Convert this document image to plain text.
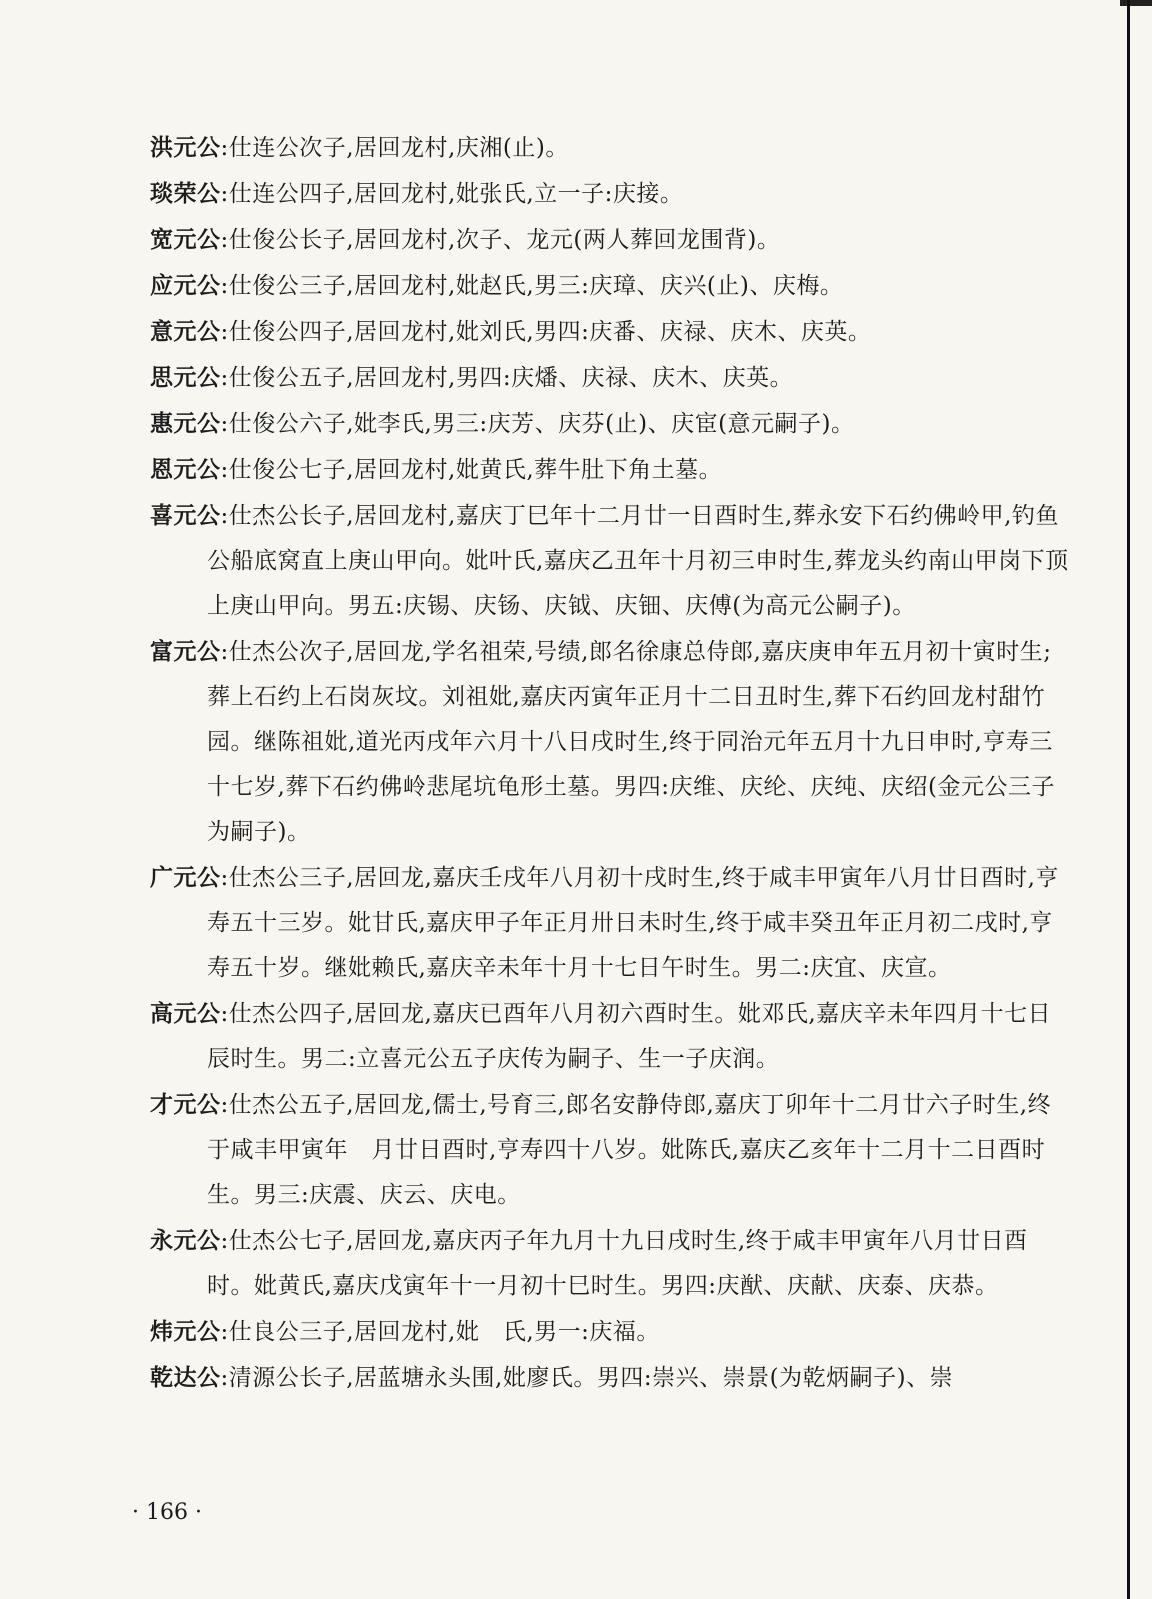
洪元公:仕连公次子,居回龙村,庆湘(止)。

琰荣公:仕连公四子,居回龙村,妣张氏,立一子:庆接。

宽元公:仕俊公长子,居回龙村,次子、龙元(两人葬回龙围背)。

应元公:仕俊公三子,居回龙村,妣赵氏,男三:庆璋、庆兴(止)、庆梅。

意元公:仕俊公四子,居回龙村,妣刘氏,男四:庆番、庆禄、庆木、庆英。

思元公:仕俊公五子,居回龙村,男四:庆燔、庆禄、庆木、庆英。

惠元公:仕俊公六子,妣李氏,男三:庆芳、庆芬(止)、庆宦(意元嗣子)。

恩元公:仕俊公七子,居回龙村,妣黄氏,葬牛肚下角土墓。

喜元公:仕杰公长子,居回龙村,嘉庆丁巳年十二月廿一日酉时生,葬永安下石约佛岭甲,钓鱼公船底窝直上庚山甲向。妣叶氏,嘉庆乙丑年十月初三申时生,葬龙头约南山甲岗下顶上庚山甲向。男五:庆锡、庆钖、庆钺、庆钿、庆傅(为高元公嗣子)。

富元公:仕杰公次子,居回龙,学名祖荣,号绩,郎名徐康总侍郎,嘉庆庚申年五月初十寅时生;葬上石约上石岗灰坟。刘祖妣,嘉庆丙寅年正月十二日丑时生,葬下石约回龙村甜竹园。继陈祖妣,道光丙戌年六月十八日戌时生,终于同治元年五月十九日申时,亨寿三十七岁,葬下石约佛岭悲尾坑龟形土墓。男四:庆维、庆纶、庆纯、庆绍(金元公三子为嗣子)。

广元公:仕杰公三子,居回龙,嘉庆壬戌年八月初十戌时生,终于咸丰甲寅年八月廿日酉时,亨寿五十三岁。妣甘氏,嘉庆甲子年正月卅日未时生,终于咸丰癸丑年正月初二戌时,亨寿五十岁。继妣赖氏,嘉庆辛未年十月十七日午时生。男二:庆宜、庆宣。

高元公:仕杰公四子,居回龙,嘉庆已酉年八月初六酉时生。妣邓氏,嘉庆辛未年四月十七日辰时生。男二:立喜元公五子庆传为嗣子、生一子庆润。

才元公:仕杰公五子,居回龙,儒士,号育三,郎名安静侍郎,嘉庆丁卯年十二月廿六子时生,终于咸丰甲寅年　月廿日酉时,亨寿四十八岁。妣陈氏,嘉庆乙亥年十二月十二日酉时生。男三:庆震、庆云、庆电。

永元公:仕杰公七子,居回龙,嘉庆丙子年九月十九日戌时生,终于咸丰甲寅年八月廿日酉时。妣黄氏,嘉庆戊寅年十一月初十巳时生。男四:庆猷、庆献、庆泰、庆恭。

炜元公:仕良公三子,居回龙村,妣　氏,男一:庆福。

乾达公:清源公长子,居蓝塘永头围,妣廖氏。男四:崇兴、崇景(为乾炳嗣子)、崇

· 166 ·
